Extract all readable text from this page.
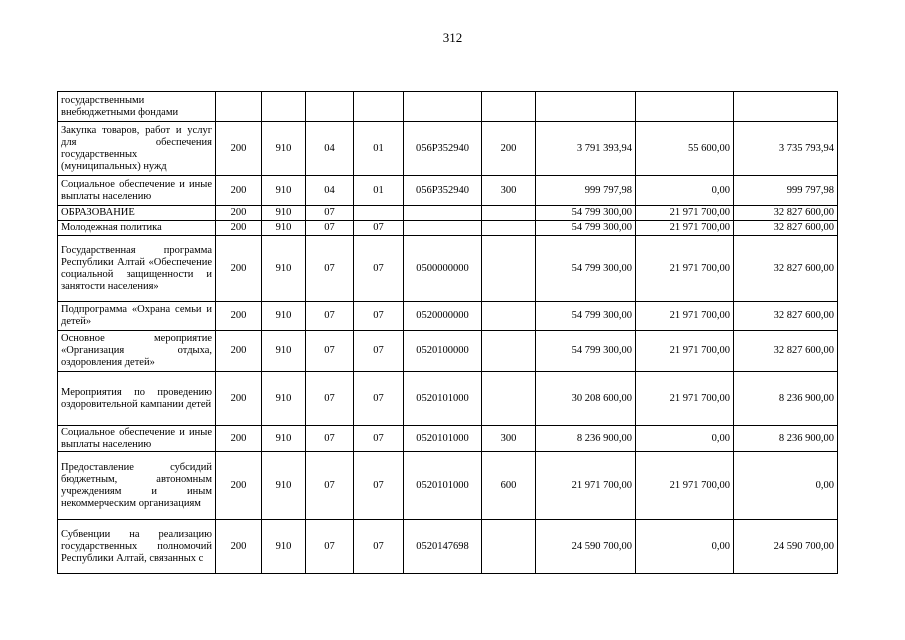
312
государственными внебюджетными фондами									
Закупка товаров, работ и услуг для обеспечения государственных (муниципальных) нужд	200	910	04	01	056P352940	200	3 791 393,94	55 600,00	3 735 793,94
Социальное обеспечение и иные выплаты населению	200	910	04	01	056P352940	300	999 797,98	0,00	999 797,98
ОБРАЗОВАНИЕ	200	910	07				54 799 300,00	21 971 700,00	32 827 600,00
Молодежная политика	200	910	07	07			54 799 300,00	21 971 700,00	32 827 600,00
Государственная программа Республики Алтай «Обеспечение социальной защищенности и занятости населения»	200	910	07	07	0500000000		54 799 300,00	21 971 700,00	32 827 600,00
Подпрограмма «Охрана семьи и детей»	200	910	07	07	0520000000		54 799 300,00	21 971 700,00	32 827 600,00
Основное мероприятие «Организация отдыха, оздоровления детей»	200	910	07	07	0520100000		54 799 300,00	21 971 700,00	32 827 600,00
Мероприятия по проведению оздоровительной кампании детей	200	910	07	07	0520101000		30 208 600,00	21 971 700,00	8 236 900,00
Социальное обеспечение и иные выплаты населению	200	910	07	07	0520101000	300	8 236 900,00	0,00	8 236 900,00
Предоставление субсидий бюджетным, автономным учреждениям и иным некоммерческим организациям	200	910	07	07	0520101000	600	21 971 700,00	21 971 700,00	0,00
Субвенции на реализацию государственных полномочий Республики Алтай, связанных с	200	910	07	07	0520147698		24 590 700,00	0,00	24 590 700,00
